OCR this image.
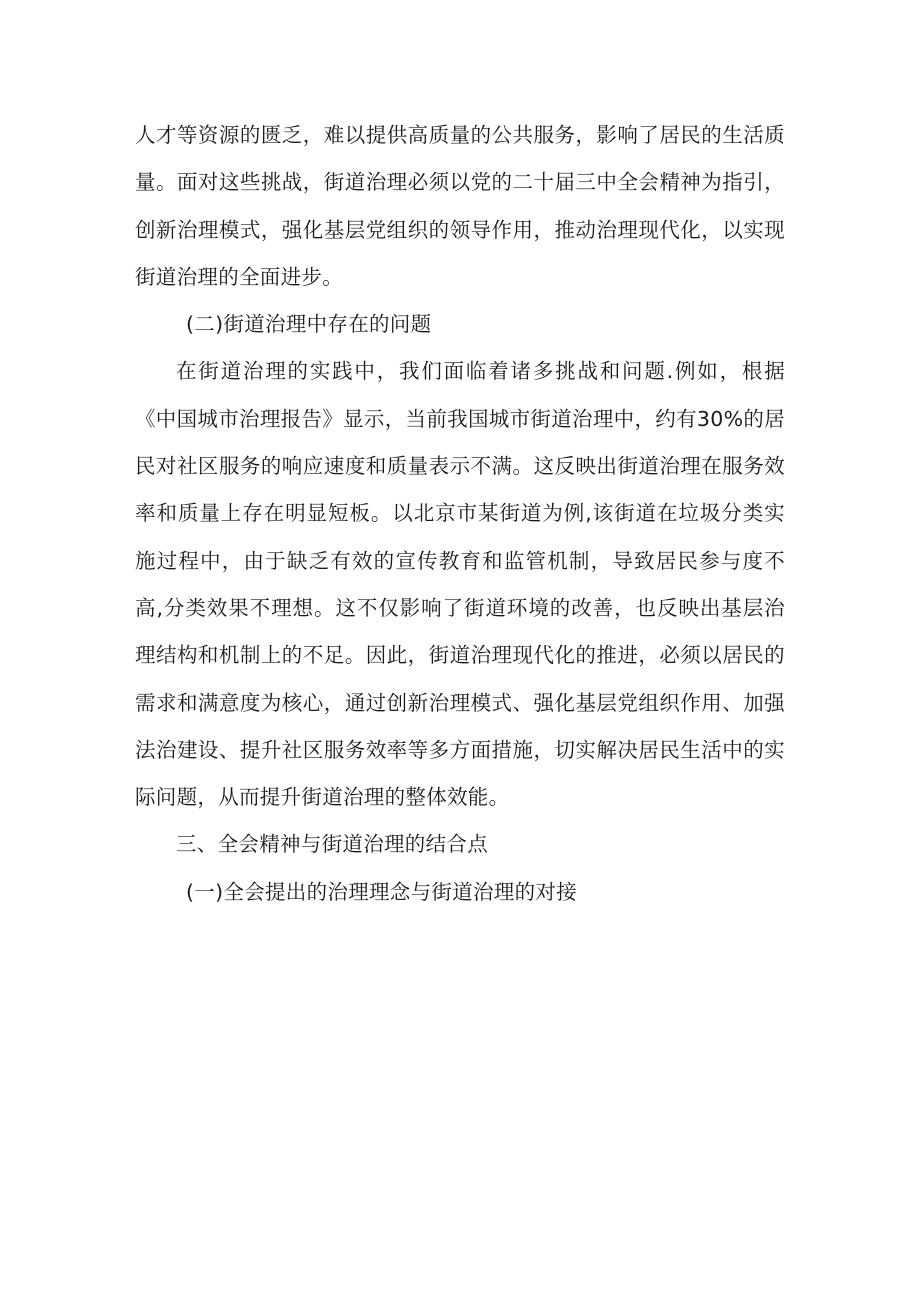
人才等资源的匮乏，难以提供高质量的公共服务，影响了居民的生活质量。面对这些挑战，街道治理必须以党的二十届三中全会精神为指引，创新治理模式，强化基层党组织的领导作用，推动治理现代化，以实现街道治理的全面进步。

(二)街道治理中存在的问题

在街道治理的实践中，我们面临着诸多挑战和问题.例如，根据《中国城市治理报告》显示，当前我国城市街道治理中，约有30%的居民对社区服务的响应速度和质量表示不满。这反映出街道治理在服务效率和质量上存在明显短板。以北京市某街道为例,该街道在垃圾分类实施过程中，由于缺乏有效的宣传教育和监管机制，导致居民参与度不高,分类效果不理想。这不仅影响了街道环境的改善，也反映出基层治理结构和机制上的不足。因此，街道治理现代化的推进，必须以居民的需求和满意度为核心，通过创新治理模式、强化基层党组织作用、加强法治建设、提升社区服务效率等多方面措施，切实解决居民生活中的实际问题，从而提升街道治理的整体效能。

三、全会精神与街道治理的结合点

(一)全会提出的治理理念与街道治理的对接
